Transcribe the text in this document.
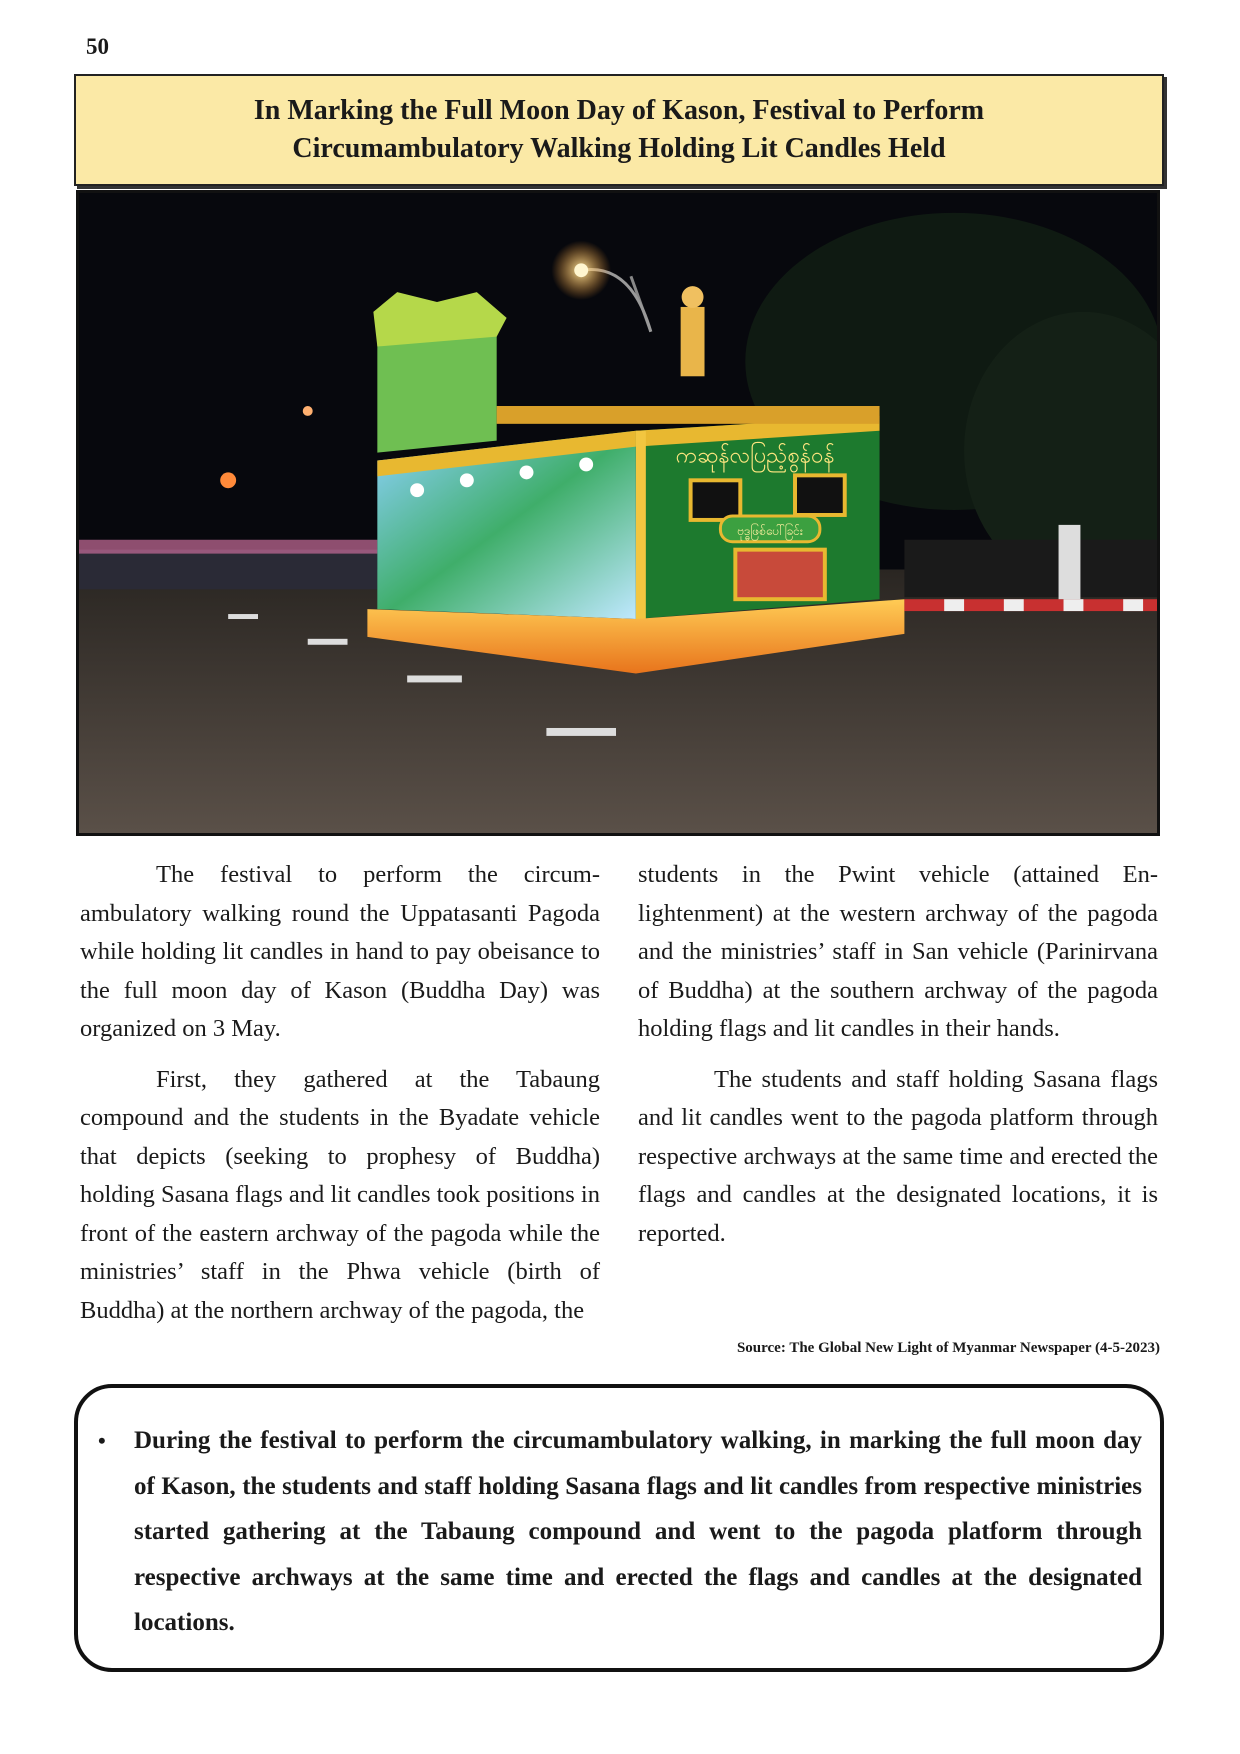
50
In Marking the Full Moon Day of Kason, Festival to Perform
Circumambulatory Walking Holding Lit Candles Held
ကဆုန်လပြည့်စွန်ဝန်
ဗုဒ္ဓဖြစ်ပေါ်ခြင်း

The festival to perform the circumambulatory walking round the Uppatasanti Pagoda while holding lit candles in hand to pay obeisance to the full moon day of Kason (Buddha Day) was organized on 3 May.

First, they gathered at the Tabaung compound and the students in the Byadate vehicle that depicts (seeking to prophesy of Buddha) holding Sasana flags and lit candles took positions in front of the eastern archway of the pagoda while the ministries’ staff in the Phwa vehicle (birth of Buddha) at the northern archway of the pagoda, the

students in the Pwint vehicle (attained Enlightenment) at the western archway of the pagoda and the ministries’ staff in San vehicle (Parinirvana of Buddha) at the southern archway of the pagoda holding flags and lit candles in their hands.

The students and staff holding Sasana flags and lit candles went to the pagoda platform through respective archways at the same time and erected the flags and candles at the designated locations, it is reported.

Source: The Global New Light of Myanmar Newspaper (4-5-2023)
• During the festival to perform the circumambulatory walking, in marking the full moon day of Kason, the students and staff holding Sasana flags and lit candles from respective ministries started gathering at the Tabaung compound and went to the pagoda platform through respective archways at the same time and erected the flags and candles at the designated locations.
